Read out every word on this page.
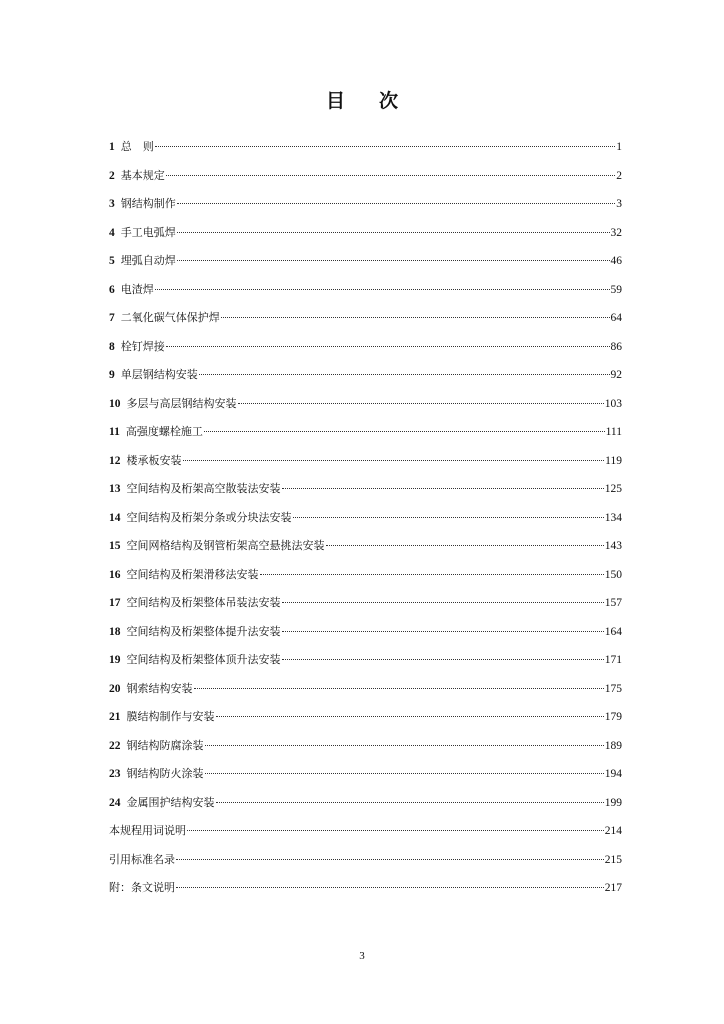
目 次
1 总　则	1
2 基本规定	2
3 钢结构制作	3
4 手工电弧焊	32
5 埋弧自动焊	46
6 电渣焊	59
7 二氧化碳气体保护焊	64
8 栓钉焊接	86
9 单层钢结构安装	92
10 多层与高层钢结构安装	103
11 高强度螺栓施工	111
12 楼承板安装	119
13 空间结构及桁架高空散装法安装	125
14 空间结构及桁架分条或分块法安装	134
15 空间网格结构及钢管桁架高空悬挑法安装	143
16 空间结构及桁架滑移法安装	150
17 空间结构及桁架整体吊装法安装	157
18 空间结构及桁架整体提升法安装	164
19 空间结构及桁架整体顶升法安装	171
20 钢索结构安装	175
21 膜结构制作与安装	179
22 钢结构防腐涂装	189
23 钢结构防火涂装	194
24 金属围护结构安装	199
本规程用词说明	214
引用标准名录	215
附：条文说明	217
3
